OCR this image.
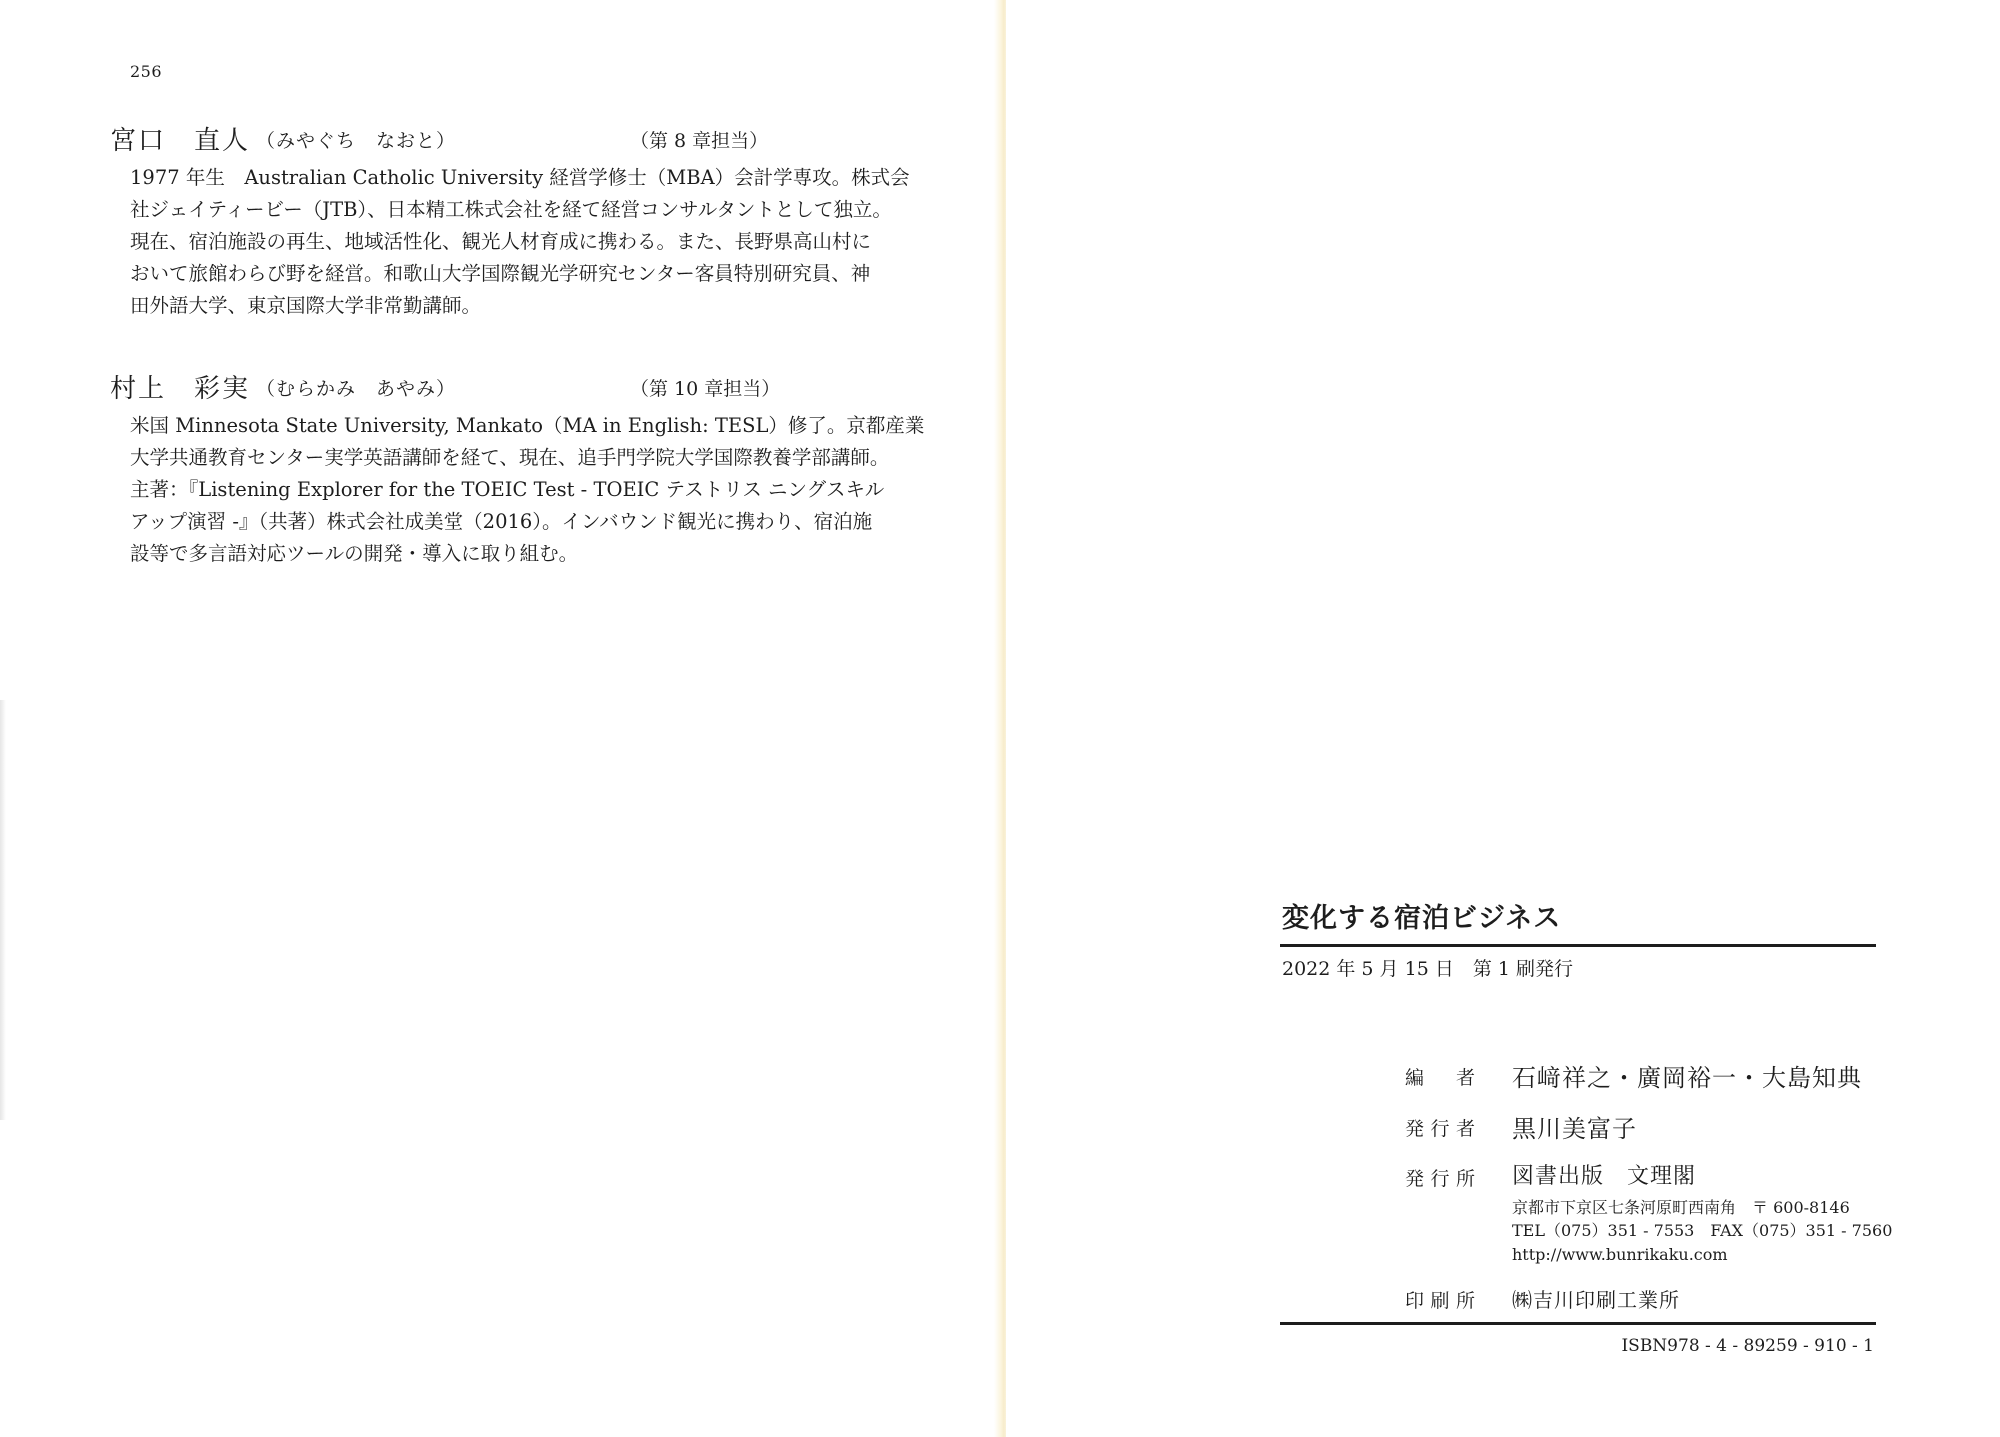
256
宮口　直人 （みやぐち　なおと）	（第 8 章担当）
1977 年生　Australian Catholic University 経営学修士（MBA）会計学専攻。株式会
社ジェイティービー（JTB）、日本精工株式会社を経て経営コンサルタントとして独立。
現在、宿泊施設の再生、地域活性化、観光人材育成に携わる。また、長野県高山村に
おいて旅館わらび野を経営。和歌山大学国際観光学研究センター客員特別研究員、神
田外語大学、東京国際大学非常勤講師。
村上　彩実 （むらかみ　あやみ）	（第 10 章担当）
米国 Minnesota State University, Mankato（MA in English: TESL）修了。京都産業
大学共通教育センター実学英語講師を経て、現在、追手門学院大学国際教養学部講師。
主著：『Listening Explorer for the TOEIC Test - TOEIC テストリス ニングスキル
アップ演習 -』（共著）株式会社成美堂（2016）。インバウンド観光に携わり、宿泊施
設等で多言語対応ツールの開発・導入に取り組む。
変化する宿泊ビジネス
2022 年 5 月 15 日　第 1 刷発行
編　者 石﨑祥之・廣岡裕一・大島知典
発行者 黒川美富子
発行所 図書出版　文理閣
京都市下京区七条河原町西南角　〒 600-8146
TEL（075）351 - 7553　FAX（075）351 - 7560
http://www.bunrikaku.com
印刷所 ㈱吉川印刷工業所
ISBN978 - 4 - 89259 - 910 - 1
